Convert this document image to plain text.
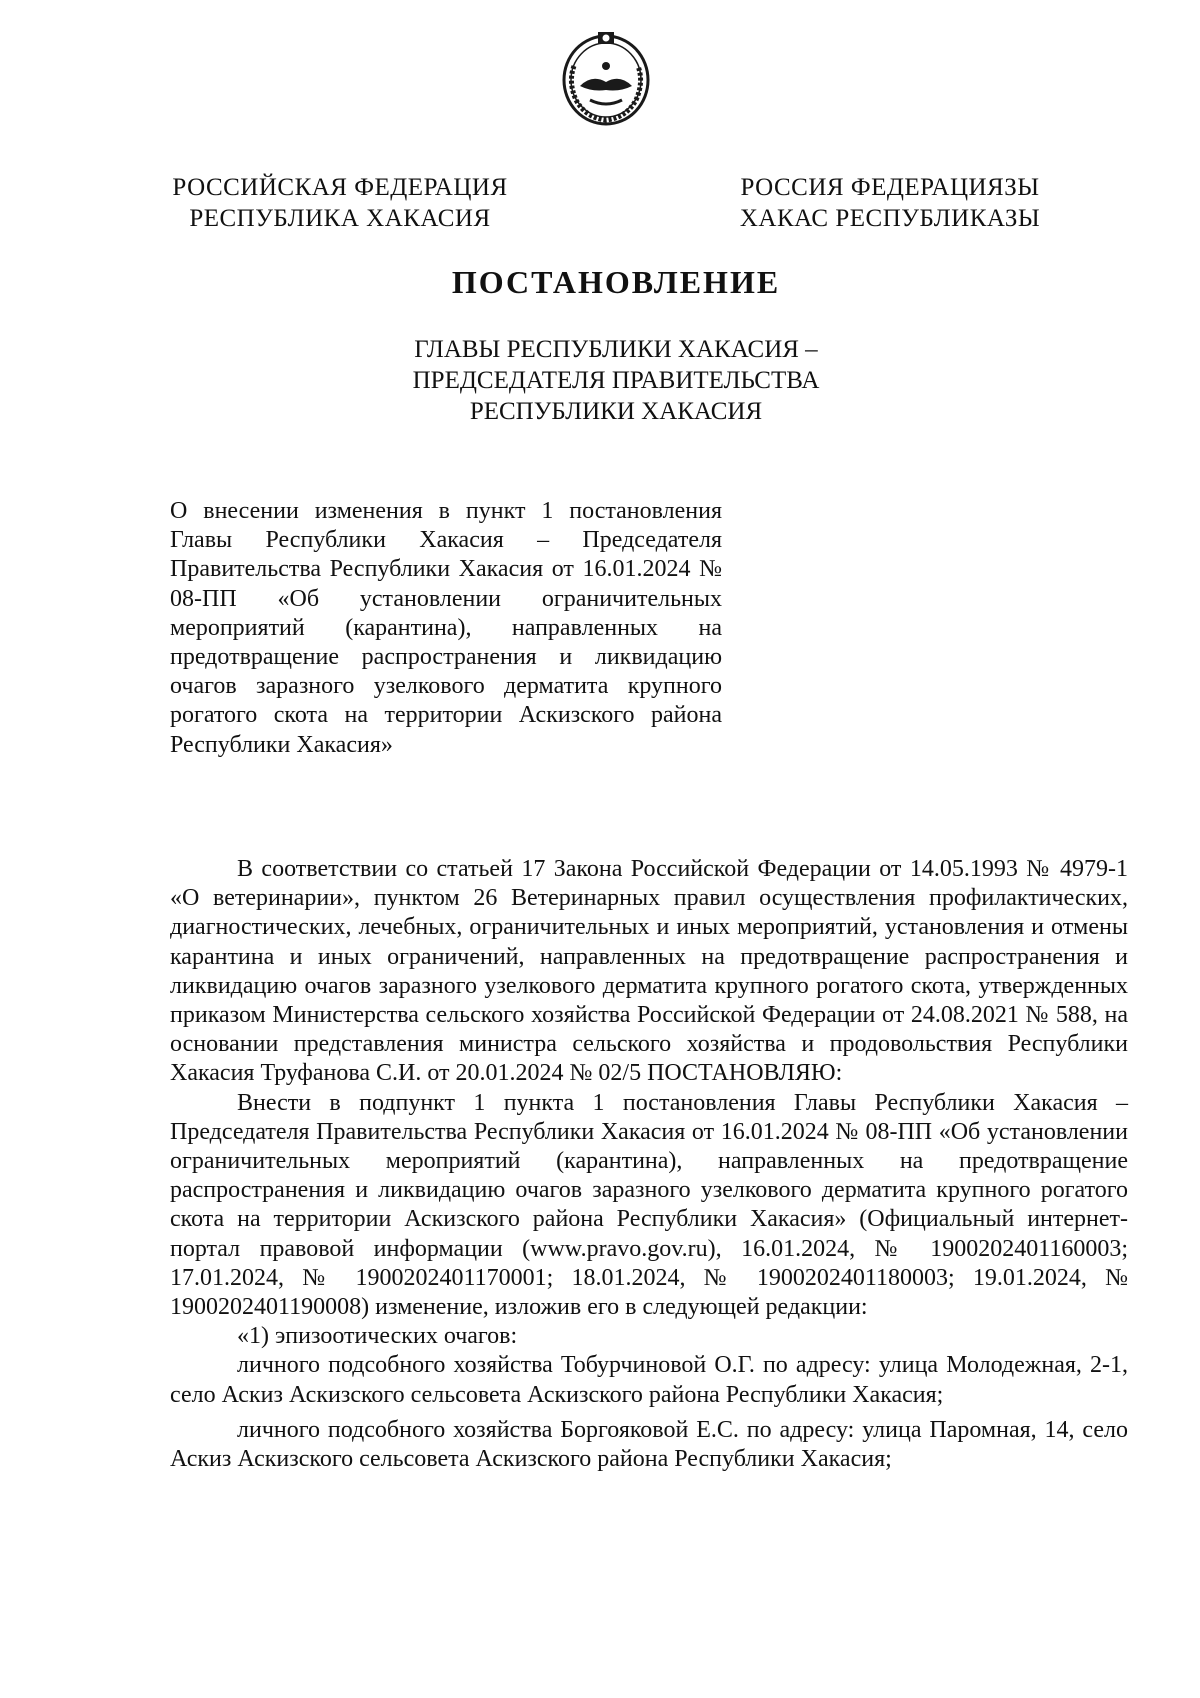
РОССИЙСКАЯ ФЕДЕРАЦИЯ
РЕСПУБЛИКА ХАКАСИЯ
РОССИЯ ФЕДЕРАЦИЯЗЫ
ХАКАС РЕСПУБЛИКАЗЫ
ПОСТАНОВЛЕНИЕ
ГЛАВЫ РЕСПУБЛИКИ ХАКАСИЯ –
ПРЕДСЕДАТЕЛЯ ПРАВИТЕЛЬСТВА
РЕСПУБЛИКИ ХАКАСИЯ
О внесении изменения в пункт 1 постановления Главы Республики Хакасия – Председателя Правительства Республики Хакасия от 16.01.2024 № 08-ПП «Об установлении ограничительных мероприятий (карантина), направленных на предотвращение распространения и ликвидацию очагов заразного узелкового дерматита крупного рогатого скота на территории Аскизского района Республики Хакасия»

В соответствии со статьей 17 Закона Российской Федерации от 14.05.1993 № 4979-1 «О ветеринарии», пунктом 26 Ветеринарных правил осуществления профилактических, диагностических, лечебных, ограничительных и иных мероприятий, установления и отмены карантина и иных ограничений, направленных на предотвращение распространения и ликвидацию очагов заразного узелкового дерматита крупного рогатого скота, утвержденных приказом Министерства сельского хозяйства Российской Федерации от 24.08.2021 № 588, на основании представления министра сельского хозяйства и продовольствия Республики Хакасия Труфанова С.И. от 20.01.2024 № 02/5 ПОСТАНОВЛЯЮ:

Внести в подпункт 1 пункта 1 постановления Главы Республики Хакасия – Председателя Правительства Республики Хакасия от 16.01.2024 № 08-ПП «Об установлении ограничительных мероприятий (карантина), направленных на предотвращение распространения и ликвидацию очагов заразного узелкового дерматита крупного рогатого скота на территории Аскизского района Республики Хакасия» (Официальный интернет-портал правовой информации (www.pravo.gov.ru), 16.01.2024, № 1900202401160003; 17.01.2024, № 1900202401170001; 18.01.2024, № 1900202401180003; 19.01.2024, № 1900202401190008) изменение, изложив его в следующей редакции:

«1) эпизоотических очагов:

личного подсобного хозяйства Тобурчиновой О.Г. по адресу: улица Молодежная, 2-1, село Аскиз Аскизского сельсовета Аскизского района Республики Хакасия;

личного подсобного хозяйства Боргояковой Е.С. по адресу: улица Паромная, 14, село Аскиз Аскизского сельсовета Аскизского района Республики Хакасия;
